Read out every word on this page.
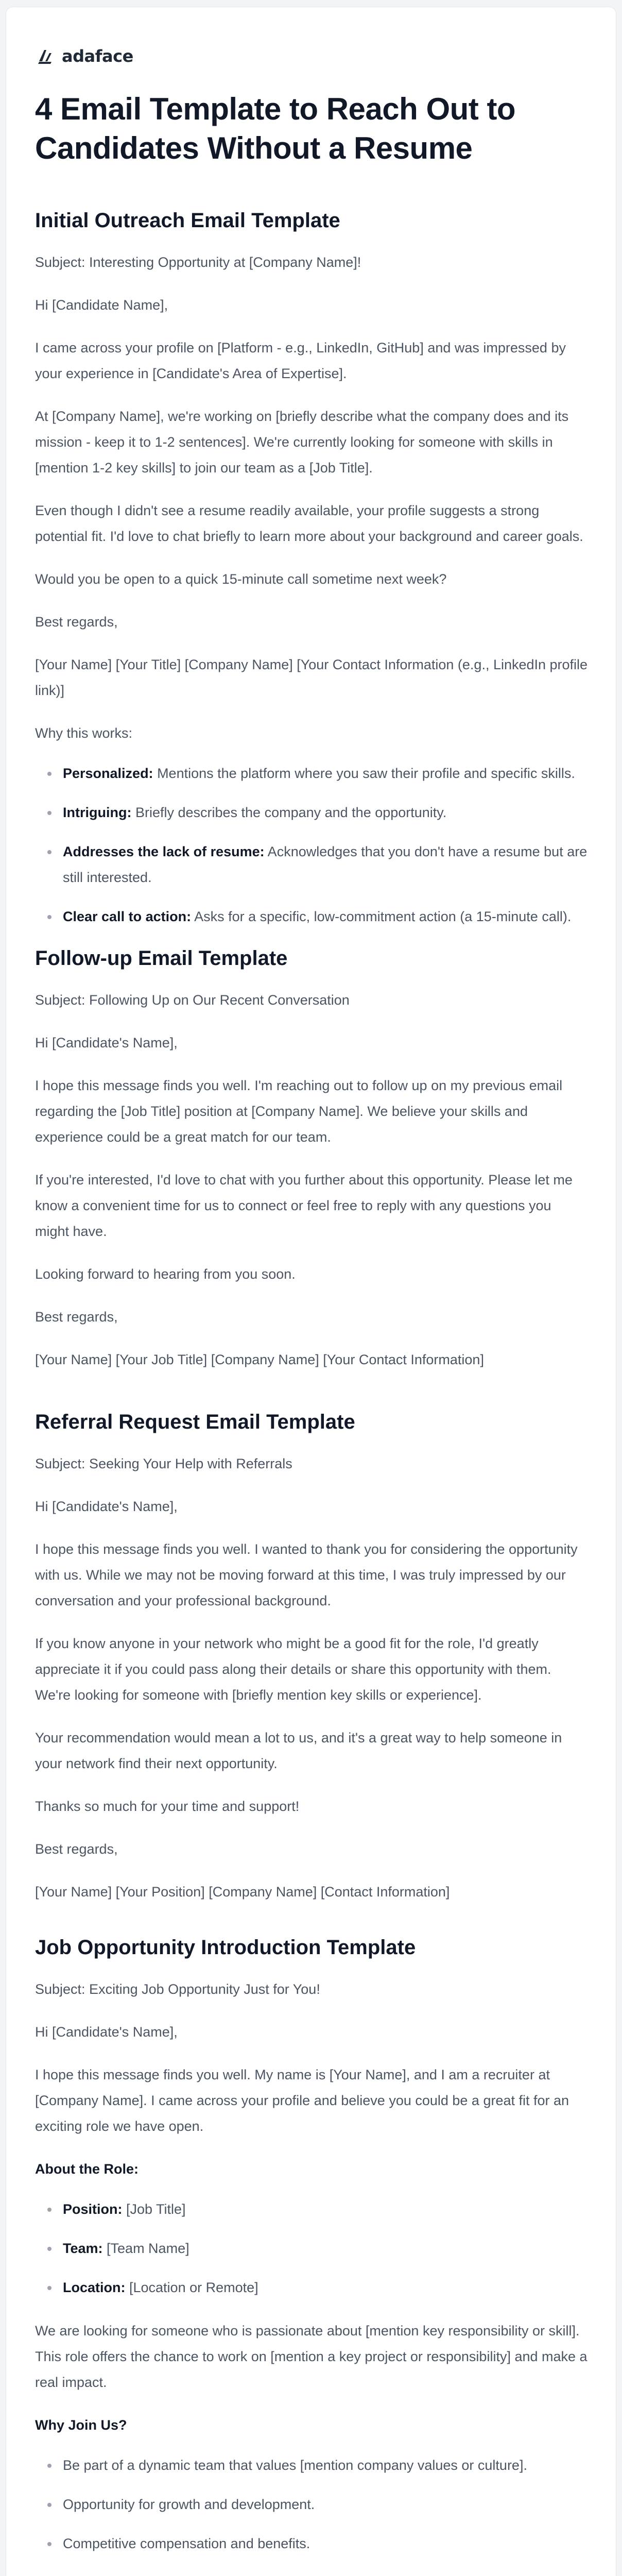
adaface
4 Email Template to Reach Out to Candidates Without a Resume
Initial Outreach Email Template

Subject: Interesting Opportunity at [Company Name]!

Hi [Candidate Name],

I came across your profile on [Platform - e.g., LinkedIn, GitHub] and was impressed by your experience in [Candidate's Area of Expertise].

At [Company Name], we're working on [briefly describe what the company does and its mission - keep it to 1-2 sentences]. We're currently looking for someone with skills in [mention 1-2 key skills] to join our team as a [Job Title].

Even though I didn't see a resume readily available, your profile suggests a strong potential fit. I'd love to chat briefly to learn more about your background and career goals.

Would you be open to a quick 15-minute call sometime next week?

Best regards,

[Your Name] [Your Title] [Company Name] [Your Contact Information (e.g., LinkedIn profile link)]

Why this works:

Personalized: Mentions the platform where you saw their profile and specific skills.
Intriguing: Briefly describes the company and the opportunity.
Addresses the lack of resume: Acknowledges that you don't have a resume but are still interested.
Clear call to action: Asks for a specific, low-commitment action (a 15-minute call).
Follow-up Email Template

Subject: Following Up on Our Recent Conversation

Hi [Candidate's Name],

I hope this message finds you well. I'm reaching out to follow up on my previous email regarding the [Job Title] position at [Company Name]. We believe your skills and experience could be a great match for our team.

If you're interested, I'd love to chat with you further about this opportunity. Please let me know a convenient time for us to connect or feel free to reply with any questions you might have.

Looking forward to hearing from you soon.

Best regards,

[Your Name] [Your Job Title] [Company Name] [Your Contact Information]

Referral Request Email Template

Subject: Seeking Your Help with Referrals

Hi [Candidate's Name],

I hope this message finds you well. I wanted to thank you for considering the opportunity with us. While we may not be moving forward at this time, I was truly impressed by our conversation and your professional background.

If you know anyone in your network who might be a good fit for the role, I'd greatly appreciate it if you could pass along their details or share this opportunity with them. We're looking for someone with [briefly mention key skills or experience].

Your recommendation would mean a lot to us, and it's a great way to help someone in your network find their next opportunity.

Thanks so much for your time and support!

Best regards,

[Your Name] [Your Position] [Company Name] [Contact Information]

Job Opportunity Introduction Template

Subject: Exciting Job Opportunity Just for You!

Hi [Candidate's Name],

I hope this message finds you well. My name is [Your Name], and I am a recruiter at [Company Name]. I came across your profile and believe you could be a great fit for an exciting role we have open.

About the Role:

Position: [Job Title]
Team: [Team Name]
Location: [Location or Remote]

We are looking for someone who is passionate about [mention key responsibility or skill]. This role offers the chance to work on [mention a key project or responsibility] and make a real impact.

Why Join Us?

Be part of a dynamic team that values [mention company values or culture].
Opportunity for growth and development.
Competitive compensation and benefits.
